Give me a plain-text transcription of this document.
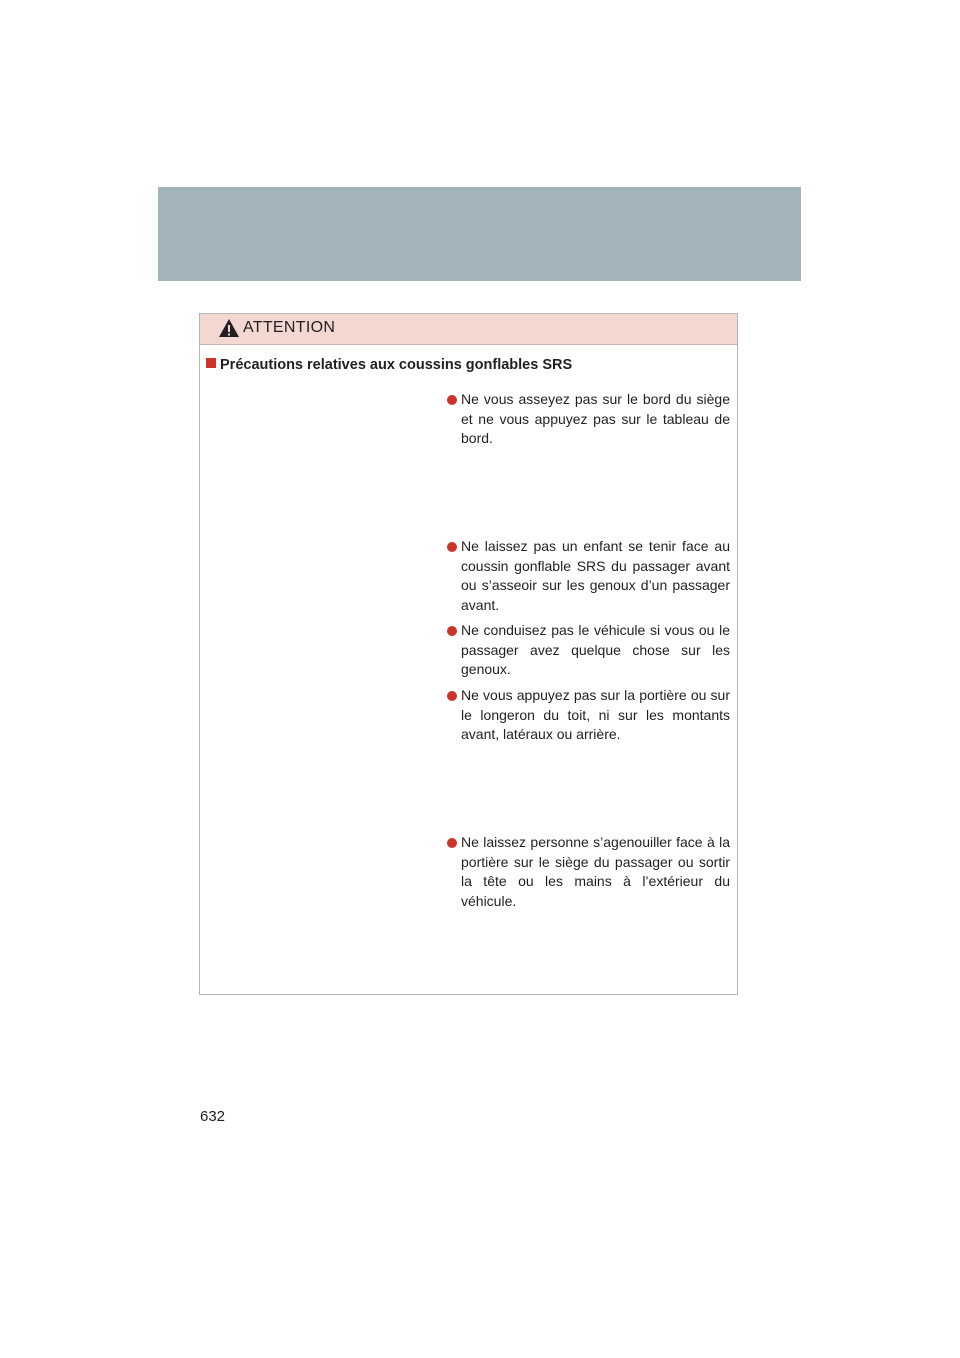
ATTENTION
Précautions relatives aux coussins gonflables SRS
Ne vous asseyez pas sur le bord du siège et ne vous appuyez pas sur le tableau de bord.
Ne laissez pas un enfant se tenir face au coussin gonflable SRS du passager avant ou s’asseoir sur les genoux d’un passager avant.
Ne conduisez pas le véhicule si vous ou le passager avez quelque chose sur les genoux.
Ne vous appuyez pas sur la portière ou sur le longeron du toit, ni sur les montants avant, latéraux ou arrière.
Ne laissez personne s’agenouiller face à la portière sur le siège du passager ou sortir la tête ou les mains à l’extérieur du véhicule.
632
